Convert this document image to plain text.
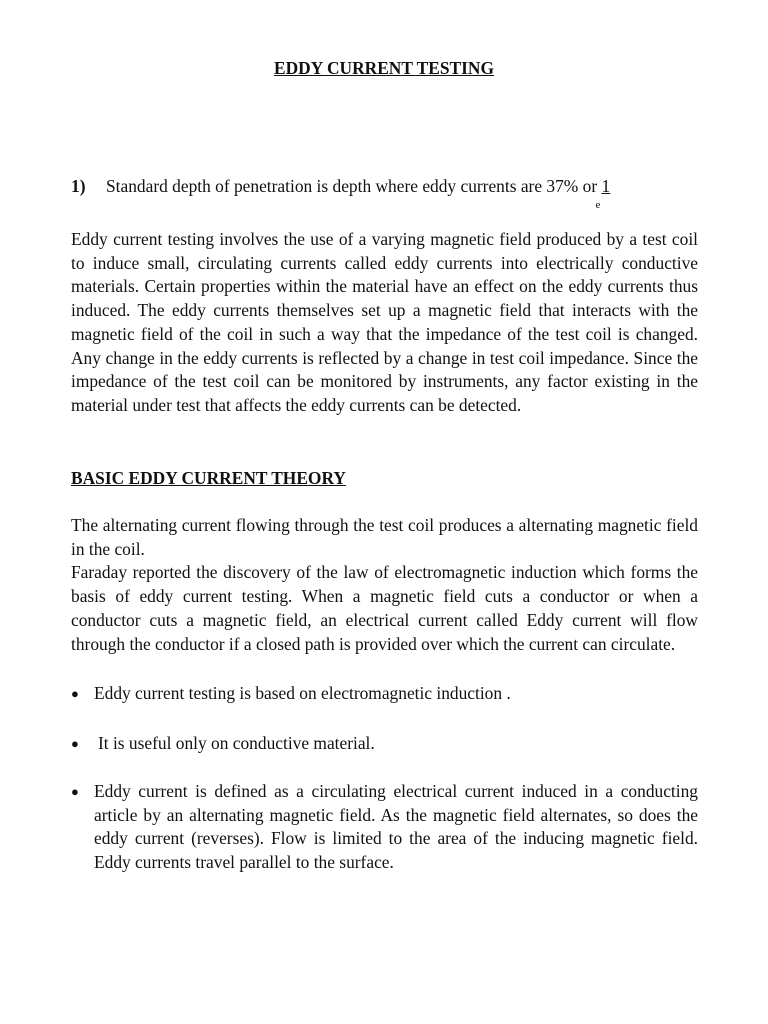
EDDY CURRENT TESTING
1) Standard depth of penetration is depth where eddy currents are 37% or 1
e

Eddy current testing involves the use of a varying magnetic field produced by a test coil to induce small, circulating currents called eddy currents into electrically conductive materials. Certain properties within the material have an effect on the eddy currents thus induced. The eddy currents themselves set up a magnetic field that interacts with the magnetic field of the coil in such a way that the impedance of the test coil is changed. Any change in the eddy currents is reflected by a change in test coil impedance. Since the impedance of the test coil can be monitored by instruments, any factor existing in the material under test that affects the eddy currents can be detected.

BASIC EDDY CURRENT THEORY
The alternating current flowing through the test coil produces a alternating magnetic field in the coil.
Faraday reported the discovery of the law of electromagnetic induction which forms the basis of eddy current testing. When a magnetic field cuts a conductor or when a conductor cuts a magnetic field, an electrical current called Eddy current will flow through the conductor if a closed path is provided over which the current can circulate.
● Eddy current testing is based on electromagnetic induction .
●	It is useful only on conductive material.
● Eddy current is defined as a circulating electrical current induced in a conducting article by an alternating magnetic field. As the magnetic field alternates, so does the eddy current (reverses). Flow is limited to the area of the inducing magnetic field. Eddy currents travel parallel to the surface.
